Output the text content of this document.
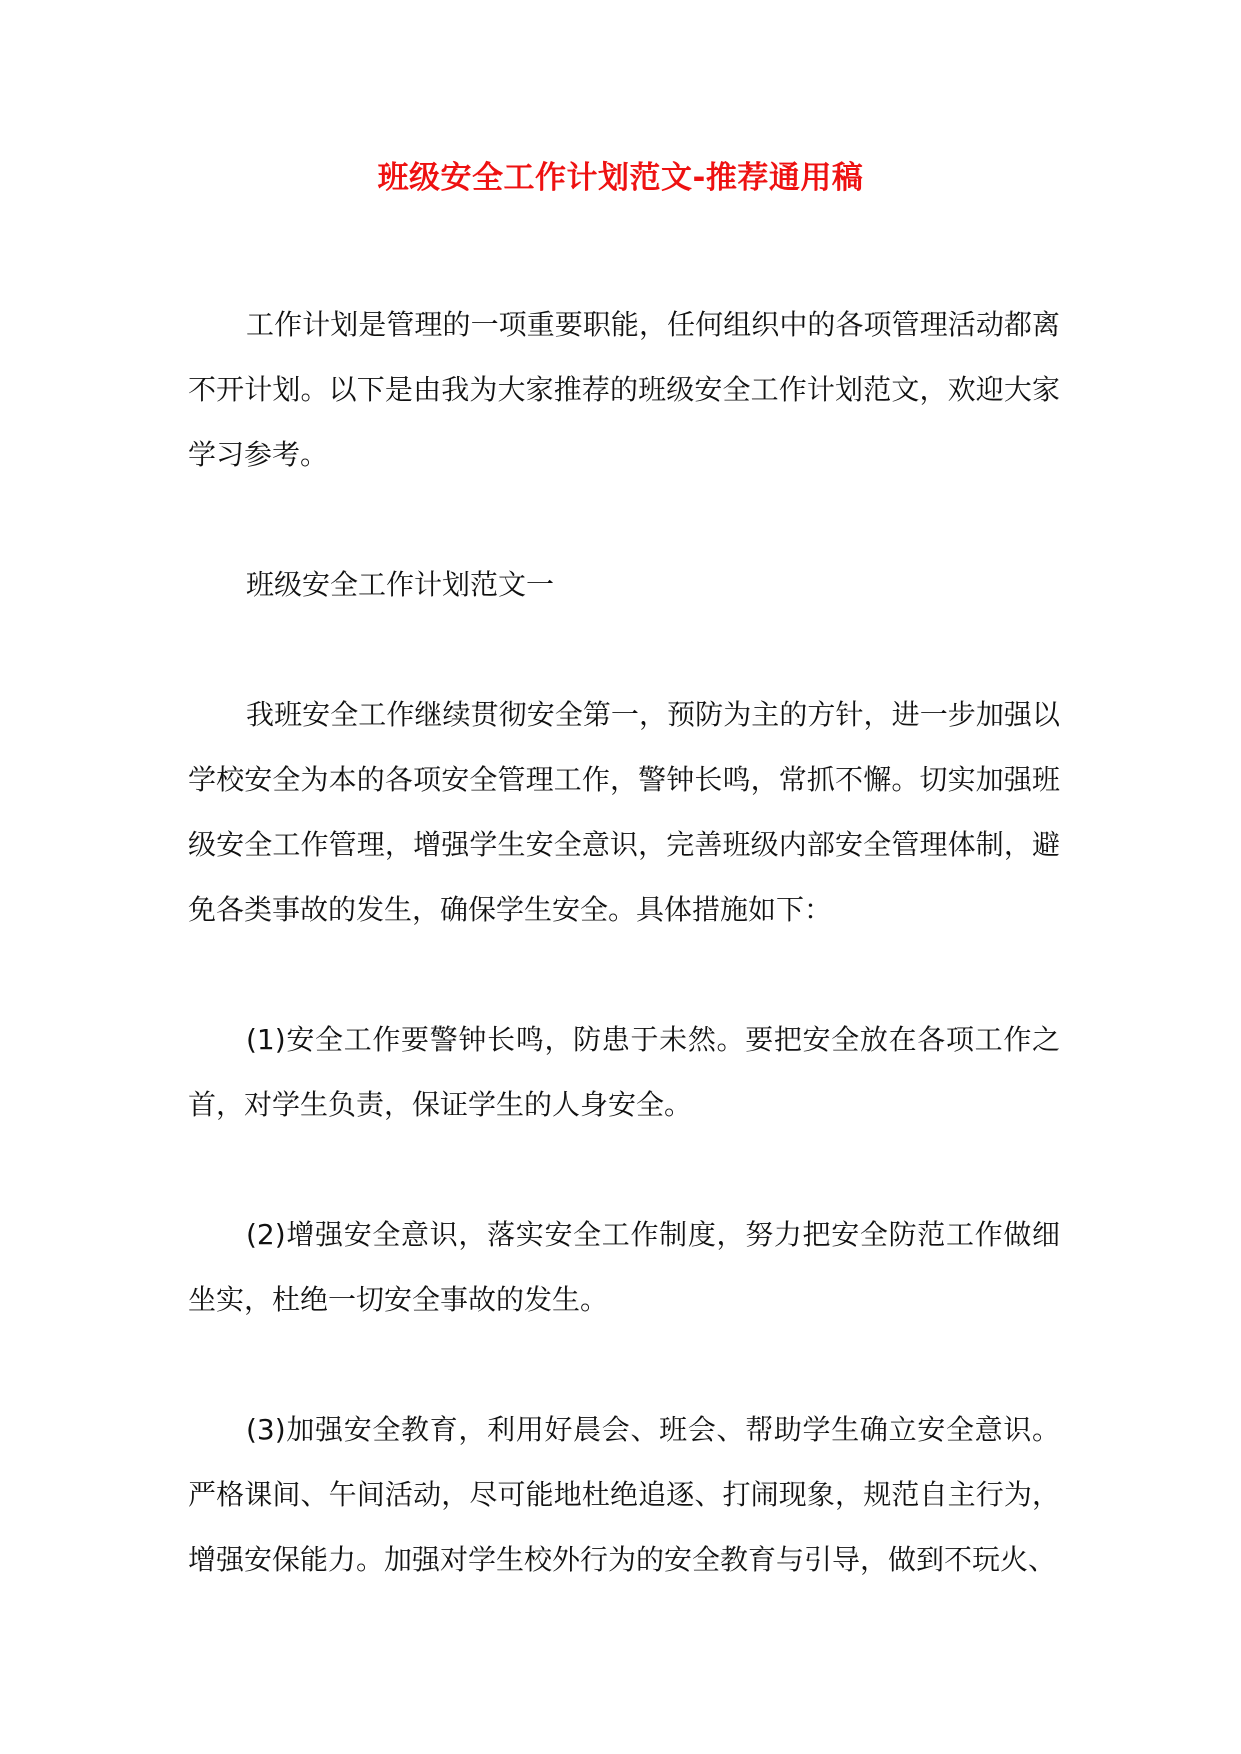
班级安全工作计划范文-推荐通用稿

工作计划是管理的一项重要职能，任何组织中的各项管理活动都离不开计划。以下是由我为大家推荐的班级安全工作计划范文，欢迎大家学习参考。

班级安全工作计划范文一

我班安全工作继续贯彻安全第一，预防为主的方针，进一步加强以学校安全为本的各项安全管理工作，警钟长鸣，常抓不懈。切实加强班级安全工作管理，增强学生安全意识，完善班级内部安全管理体制，避免各类事故的发生，确保学生安全。具体措施如下：

(1)安全工作要警钟长鸣，防患于未然。要把安全放在各项工作之首，对学生负责，保证学生的人身安全。

(2)增强安全意识，落实安全工作制度，努力把安全防范工作做细坐实，杜绝一切安全事故的发生。

(3)加强安全教育，利用好晨会、班会、帮助学生确立安全意识。严格课间、午间活动，尽可能地杜绝追逐、打闹现象，规范自主行为，增强安保能力。加强对学生校外行为的安全教育与引导，做到不玩火、
